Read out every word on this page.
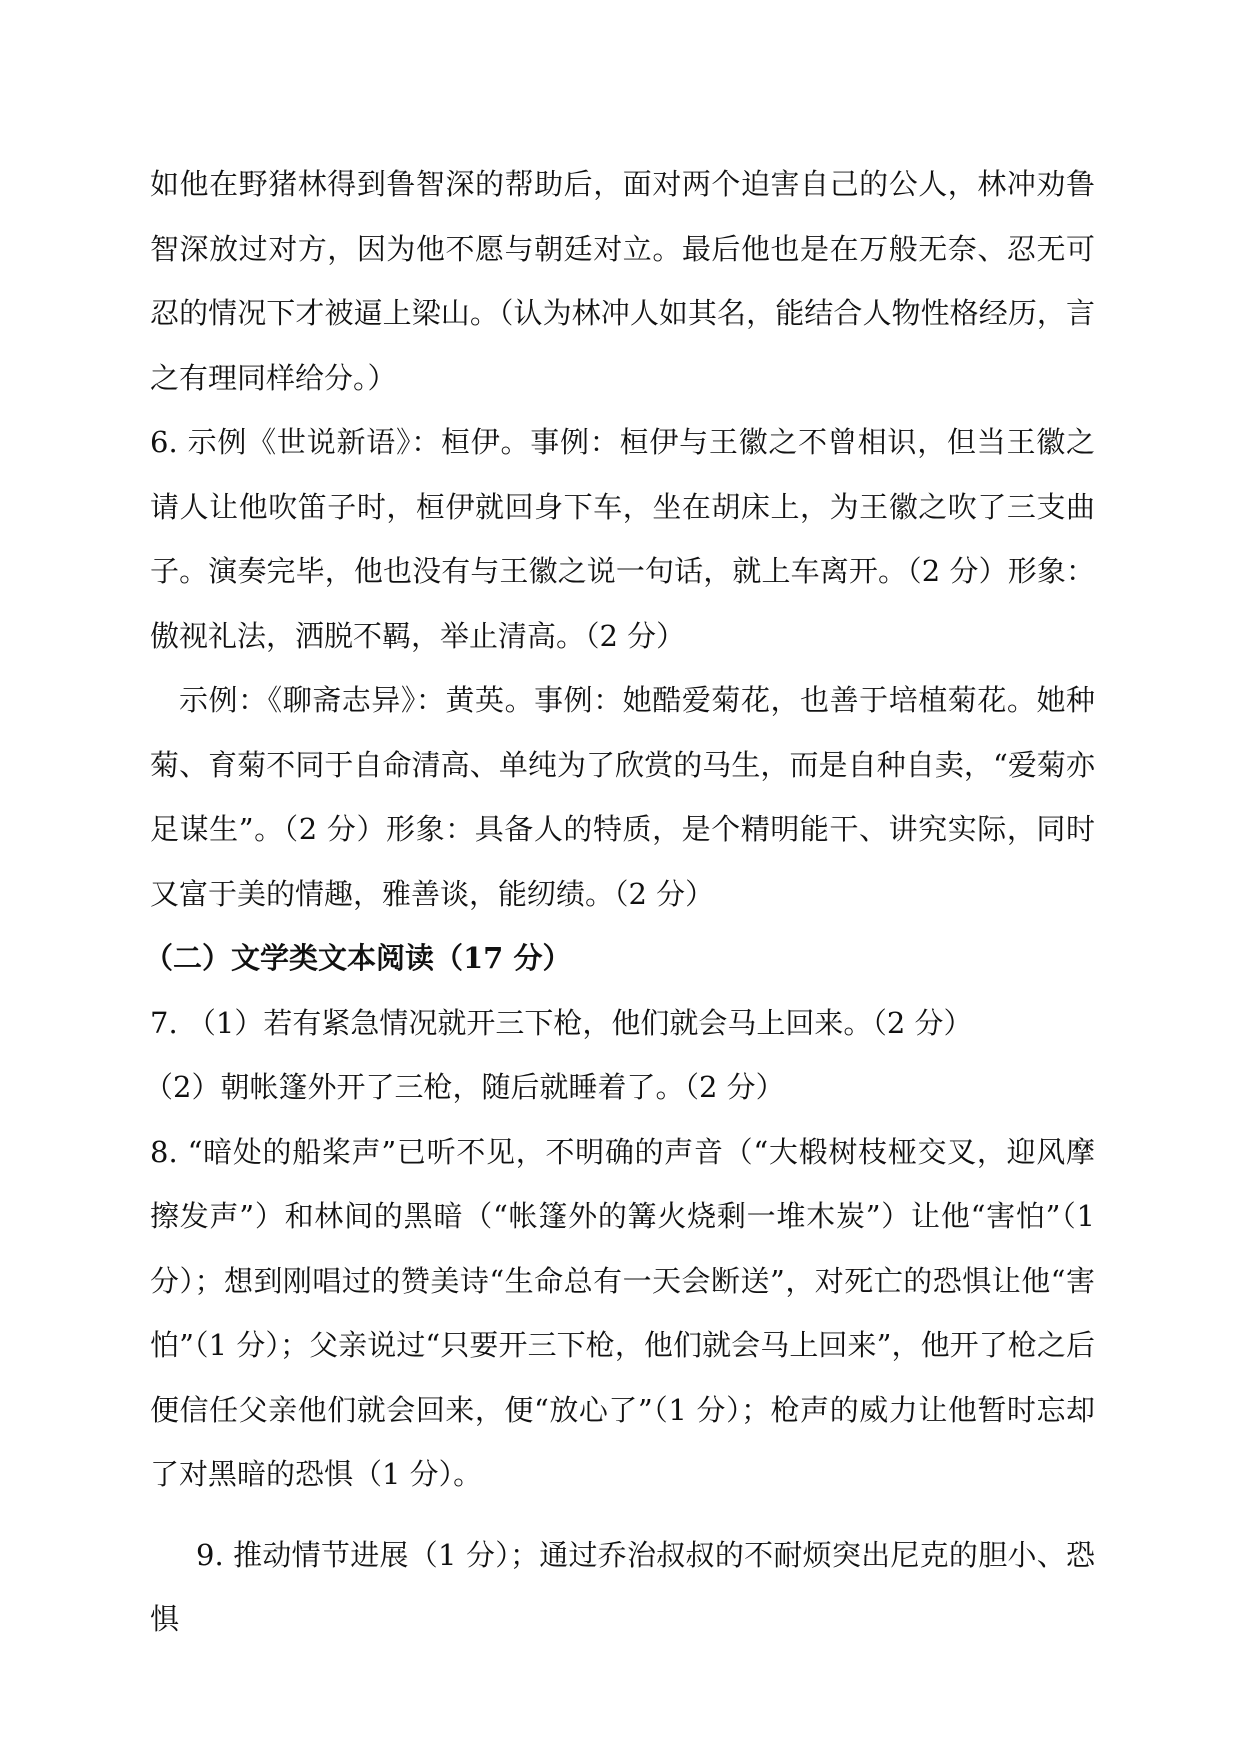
如他在野猪林得到鲁智深的帮助后，面对两个迫害自己的公人，林冲劝鲁智深放过对方，因为他不愿与朝廷对立。最后他也是在万般无奈、忍无可忍的情况下才被逼上梁山。（认为林冲人如其名，能结合人物性格经历，言之有理同样给分。）

6. 示例《世说新语》：桓伊。事例：桓伊与王徽之不曾相识，但当王徽之请人让他吹笛子时，桓伊就回身下车，坐在胡床上，为王徽之吹了三支曲子。演奏完毕，他也没有与王徽之说一句话，就上车离开。（2 分）形象：傲视礼法，洒脱不羁，举止清高。（2 分）

示例：《聊斋志异》：黄英。事例：她酷爱菊花，也善于培植菊花。她种菊、育菊不同于自命清高、单纯为了欣赏的马生，而是自种自卖，“爱菊亦足谋生”。（2 分）形象：具备人的特质，是个精明能干、讲究实际，同时又富于美的情趣，雅善谈，能纫绩。（2 分）

（二）文学类文本阅读（17 分）

7. （1）若有紧急情况就开三下枪，他们就会马上回来。（2 分）

（2）朝帐篷外开了三枪，随后就睡着了。（2 分）

8. “暗处的船桨声”已听不见，不明确的声音（“大椴树枝桠交叉，迎风摩擦发声”）和林间的黑暗（“帐篷外的篝火烧剩一堆木炭”）让他“害怕”（1 分）；想到刚唱过的赞美诗“生命总有一天会断送”，对死亡的恐惧让他“害怕”（1 分）；父亲说过“只要开三下枪，他们就会马上回来”，他开了枪之后便信任父亲他们就会回来，便“放心了”（1 分）；枪声的威力让他暂时忘却了对黑暗的恐惧（1 分）。

9. 推动情节进展（1 分）；通过乔治叔叔的不耐烦突出尼克的胆小、恐惧
